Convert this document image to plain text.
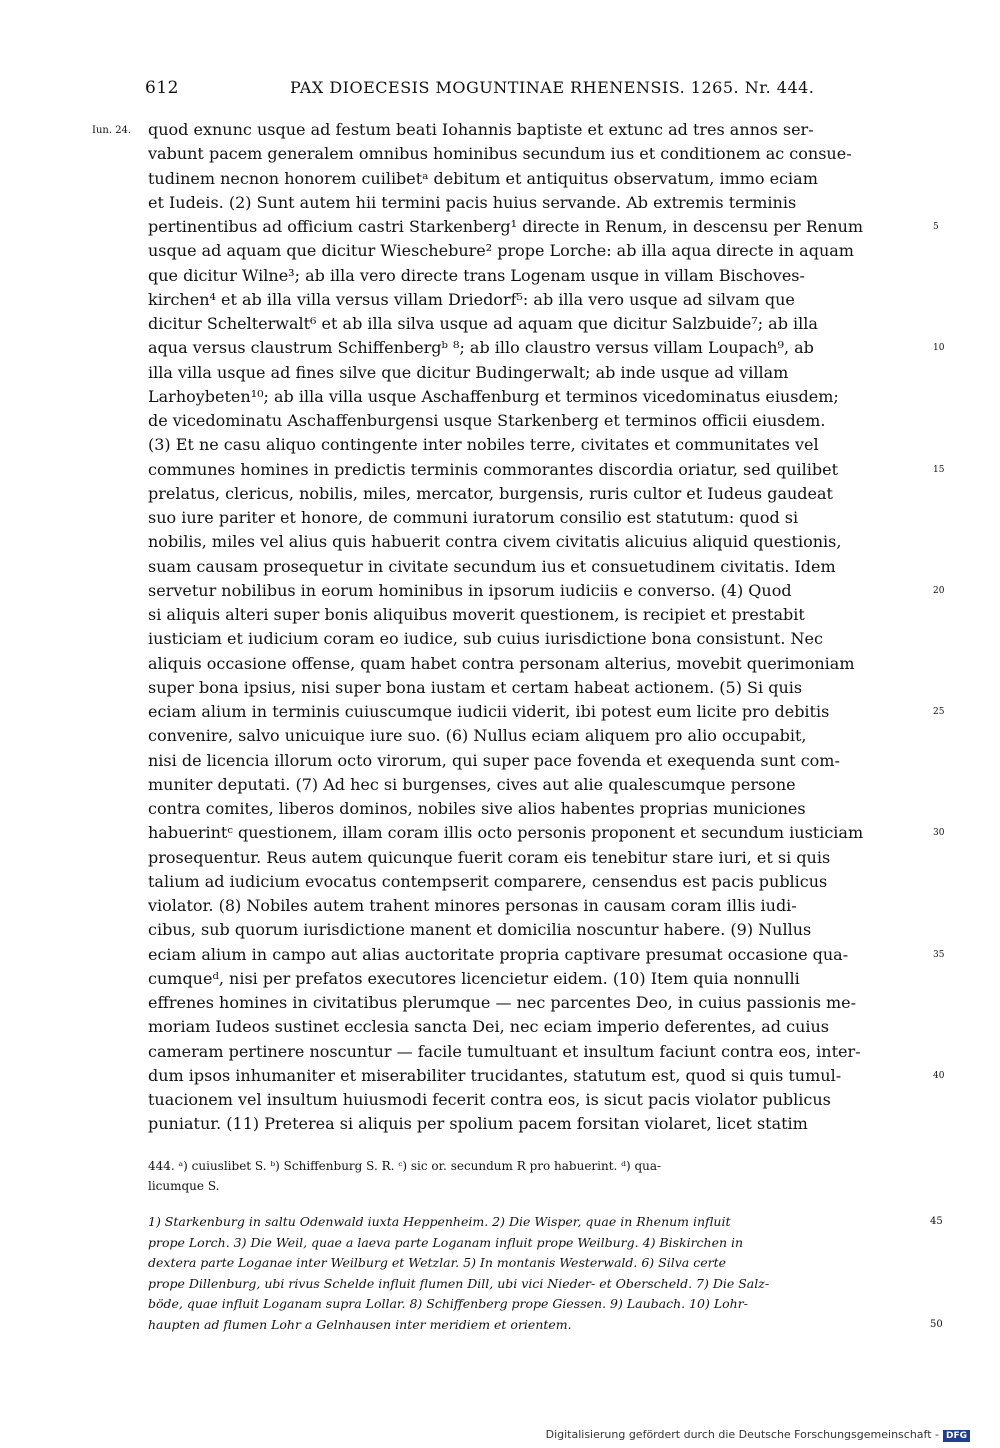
612	PAX DIOECESIS MOGUNTINAE RHENENSIS. 1265. Nr. 444.
Iun. 24. quod exnunc usque ad festum beati Iohannis baptiste et extunc ad tres annos ser-
vabunt pacem generalem omnibus hominibus secundum ius et conditionem ac consue-
tudinem necnon honorem cuilibetᵃ debitum et antiquitus observatum, immo eciam
et Iudeis. (2) Sunt autem hii termini pacis huius servande. Ab extremis terminis
pertinentibus ad officium castri Starkenberg¹ directe in Renum, in descensu per Renum
usque ad aquam que dicitur Wieschebure² prope Lorche: ab illa aqua directe in aquam
que dicitur Wilne³; ab illa vero directe trans Logenam usque in villam Bischoves-
kirchen⁴ et ab illa villa versus villam Driedorf⁵: ab illa vero usque ad silvam que
dicitur Schelterwalt⁶ et ab illa silva usque ad aquam que dicitur Salzbuide⁷; ab illa
aqua versus claustrum Schiffenbergᵇ ⁸; ab illo claustro versus villam Loupach⁹, ab
illa villa usque ad fines silve que dicitur Budingerwalt; ab inde usque ad villam
Larhoybeten¹⁰; ab illa villa usque Aschaffenburg et terminos vicedominatus eiusdem;
de vicedominatu Aschaffenburgensi usque Starkenberg et terminos officii eiusdem.
(3) Et ne casu aliquo contingente inter nobiles terre, civitates et communitates vel
communes homines in predictis terminis commorantes discordia oriatur, sed quilibet
prelatus, clericus, nobilis, miles, mercator, burgensis, ruris cultor et Iudeus gaudeat
suo iure pariter et honore, de communi iuratorum consilio est statutum: quod si
nobilis, miles vel alius quis habuerit contra civem civitatis alicuius aliquid questionis,
suam causam prosequetur in civitate secundum ius et consuetudinem civitatis. Idem
servetur nobilibus in eorum hominibus in ipsorum iudiciis e converso. (4) Quod
si aliquis alteri super bonis aliquibus moverit questionem, is recipiet et prestabit
iusticiam et iudicium coram eo iudice, sub cuius iurisdictione bona consistunt. Nec
aliquis occasione offense, quam habet contra personam alterius, movebit querimoniam
super bona ipsius, nisi super bona iustam et certam habeat actionem. (5) Si quis
eciam alium in terminis cuiuscumque iudicii viderit, ibi potest eum licite pro debitis
convenire, salvo unicuique iure suo. (6) Nullus eciam aliquem pro alio occupabit,
nisi de licencia illorum octo virorum, qui super pace fovenda et exequenda sunt com-
muniter deputati. (7) Ad hec si burgenses, cives aut alie qualescumque persone
contra comites, liberos dominos, nobiles sive alios habentes proprias municiones
habuerintᶜ questionem, illam coram illis octo personis proponent et secundum iusticiam
prosequentur. Reus autem quicunque fuerit coram eis tenebitur stare iuri, et si quis
talium ad iudicium evocatus contempserit comparere, censendus est pacis publicus
violator. (8) Nobiles autem trahent minores personas in causam coram illis iudi-
cibus, sub quorum iurisdictione manent et domicilia noscuntur habere. (9) Nullus
eciam alium in campo aut alias auctoritate propria captivare presumat occasione qua-
cumqueᵈ, nisi per prefatos executores licencietur eidem. (10) Item quia nonnulli
effrenes homines in civitatibus plerumque — nec parcentes Deo, in cuius passionis me-
moriam Iudeos sustinet ecclesia sancta Dei, nec eciam imperio deferentes, ad cuius
cameram pertinere noscuntur — facile tumultuant et insultum faciunt contra eos, inter-
dum ipsos inhumaniter et miserabiliter trucidantes, statutum est, quod si quis tumul-
tuacionem vel insultum huiusmodi fecerit contra eos, is sicut pacis violator publicus
puniatur. (11) Preterea si aliquis per spolium pacem forsitan violaret, licet statim
5
10
15
20
25
30
35
40
444. ᵃ) cuiuslibet S. ᵇ) Schiffenburg S. R. ᶜ) sic or. secundum R pro habuerint. ᵈ) qua-
licumque S.
1) Starkenburg in saltu Odenwald iuxta Heppenheim. 2) Die Wisper, quae in Rhenum influit
prope Lorch. 3) Die Weil, quae a laeva parte Loganam influit prope Weilburg. 4) Biskirchen in
dextera parte Loganae inter Weilburg et Wetzlar. 5) In montanis Westerwald. 6) Silva certe
prope Dillenburg, ubi rivus Schelde influit flumen Dill, ubi vici Nieder- et Oberscheld. 7) Die Salz-
böde, quae influit Loganam supra Lollar. 8) Schiffenberg prope Giessen. 9) Laubach. 10) Lohr-
haupten ad flumen Lohr a Gelnhausen inter meridiem et orientem.
45
50
Digitalisierung gefördert durch die Deutsche Forschungsgemeinschaft - DFG
